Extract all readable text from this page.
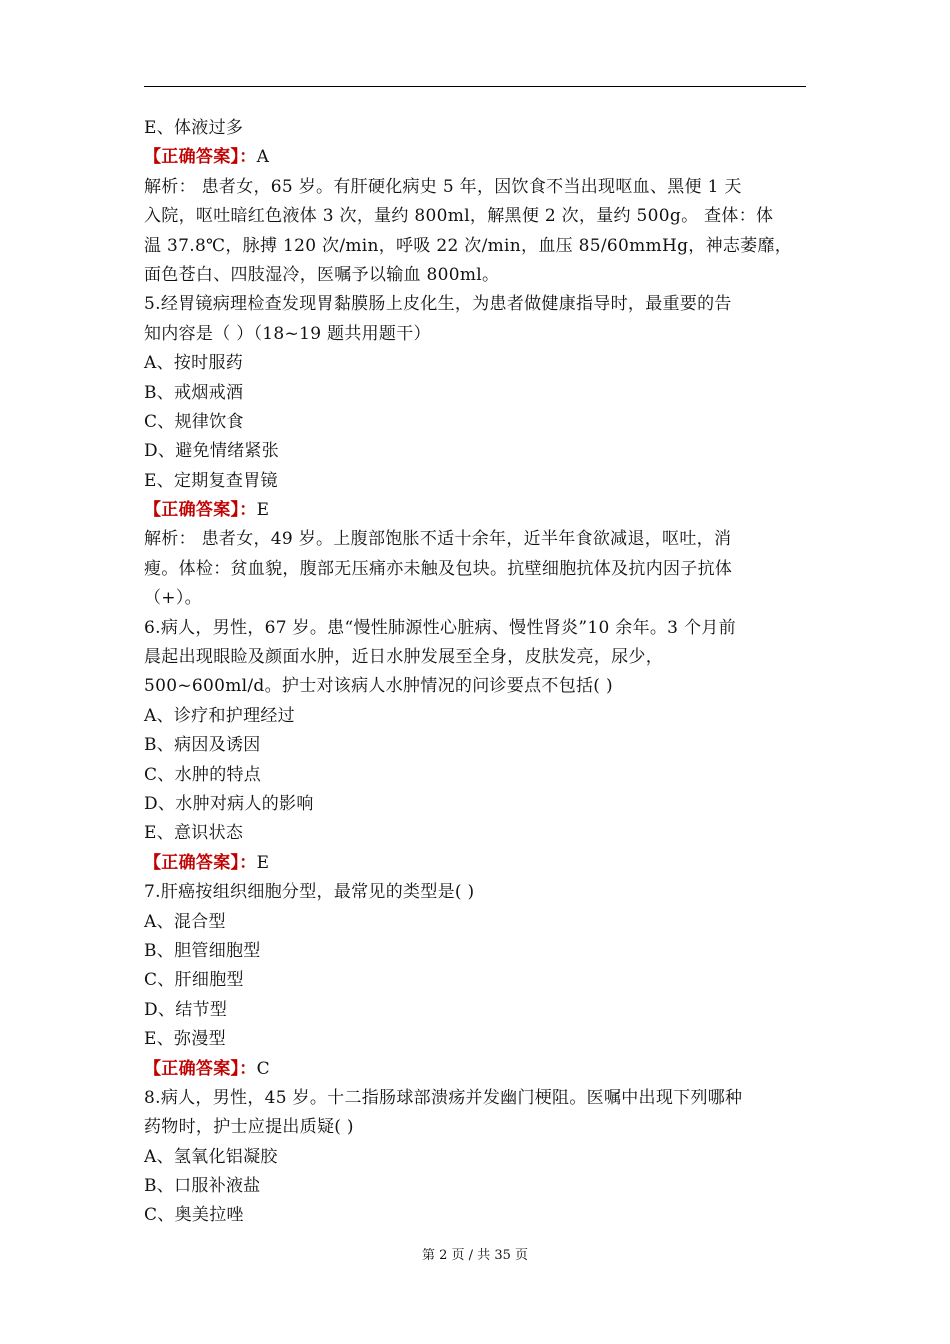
E、体液过多
【正确答案】：A
解析： 患者女，65 岁。有肝硬化病史 5 年，因饮食不当出现呕血、黑便 1 天
入院，呕吐暗红色液体 3 次，量约 800ml，解黑便 2 次，量约 500g。 查体：体
温 37.8℃，脉搏 120 次/min，呼吸 22 次/min，血压 85/60mmHg，神志萎靡，
面色苍白、四肢湿冷，医嘱予以输血 800ml。
5.经胃镜病理检查发现胃黏膜肠上皮化生，为患者做健康指导时，最重要的告
知内容是（ ）（18~19 题共用题干）
A、按时服药
B、戒烟戒酒
C、规律饮食
D、避免情绪紧张
E、定期复查胃镜
【正确答案】：E
解析： 患者女，49 岁。上腹部饱胀不适十余年，近半年食欲减退，呕吐，消
瘦。体检：贫血貌，腹部无压痛亦未触及包块。抗壁细胞抗体及抗内因子抗体
（+）。
6.病人，男性，67 岁。患“慢性肺源性心脏病、慢性肾炎”10 余年。3 个月前
晨起出现眼睑及颜面水肿，近日水肿发展至全身，皮肤发亮，尿少，
500~600ml/d。护士对该病人水肿情况的问诊要点不包括( )
A、诊疗和护理经过
B、病因及诱因
C、水肿的特点
D、水肿对病人的影响
E、意识状态
【正确答案】：E
7.肝癌按组织细胞分型，最常见的类型是( )
A、混合型
B、胆管细胞型
C、肝细胞型
D、结节型
E、弥漫型
【正确答案】：C
8.病人，男性，45 岁。十二指肠球部溃疡并发幽门梗阻。医嘱中出现下列哪种
药物时，护士应提出质疑( )
A、氢氧化铝凝胶
B、口服补液盐
C、奥美拉唑
第 2 页 / 共 35 页
